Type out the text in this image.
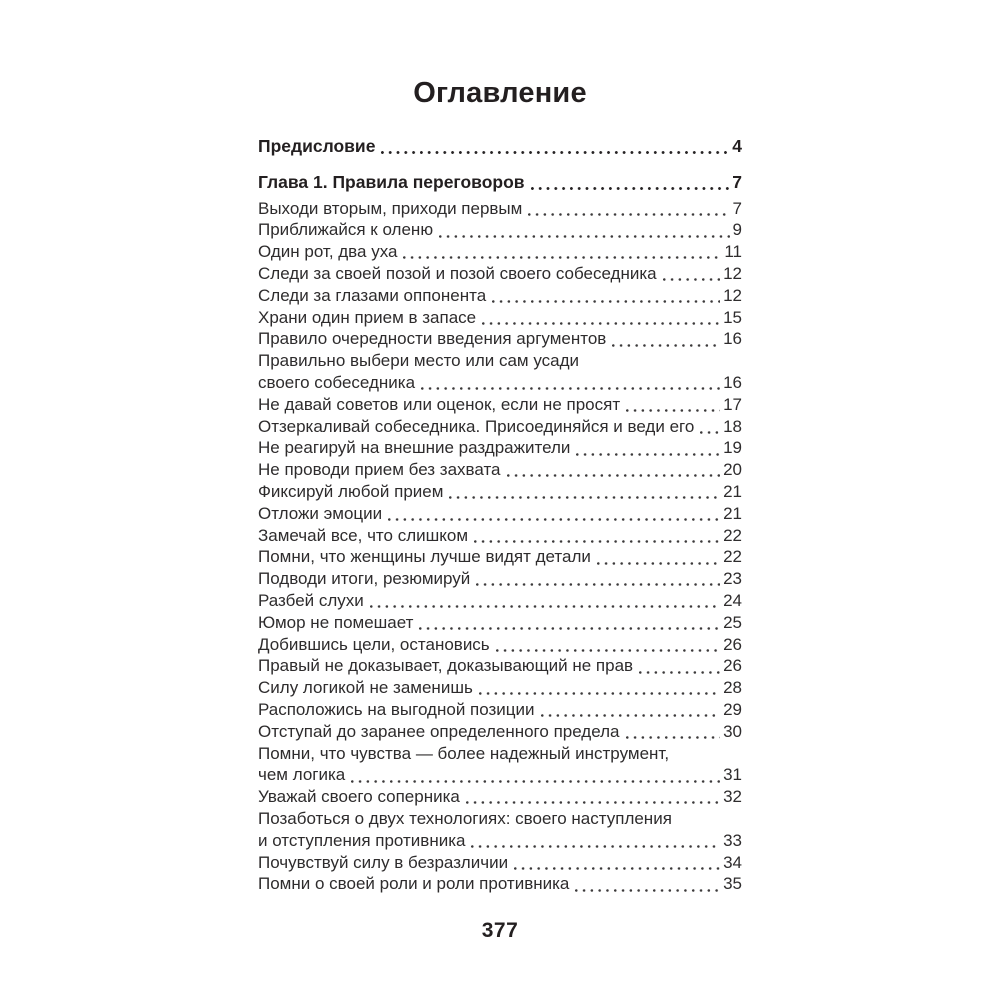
Оглавление
Предисловие	4
Глава 1. Правила переговоров	7
Выходи вторым, приходи первым	7
Приближайся к оленю	9
Один рот, два уха	11
Следи за своей позой и позой своего собеседника	12
Следи за глазами оппонента	12
Храни один прием в запасе	15
Правило очередности введения аргументов	16
Правильно выбери место или сам усади
своего собеседника	16
Не давай советов или оценок, если не просят	17
Отзеркаливай собеседника. Присоединяйся и веди его 18
Не реагируй на внешние раздражители	19
Не проводи прием без захвата	20
Фиксируй любой прием	21
Отложи эмоции	21
Замечай все, что слишком	22
Помни, что женщины лучше видят детали	22
Подводи итоги, резюмируй	23
Разбей слухи	24
Юмор не помешает	25
Добившись цели, остановись	26
Правый не доказывает, доказывающий не прав	26
Силу логикой не заменишь	28
Расположись на выгодной позиции	29
Отступай до заранее определенного предела	30
Помни, что чувства — более надежный инструмент,
чем логика	31
Уважай своего соперника	32
Позаботься о двух технологиях: своего наступления
и отступления противника	33
Почувствуй силу в безразличии	34
Помни о своей роли и роли противника	35
377
